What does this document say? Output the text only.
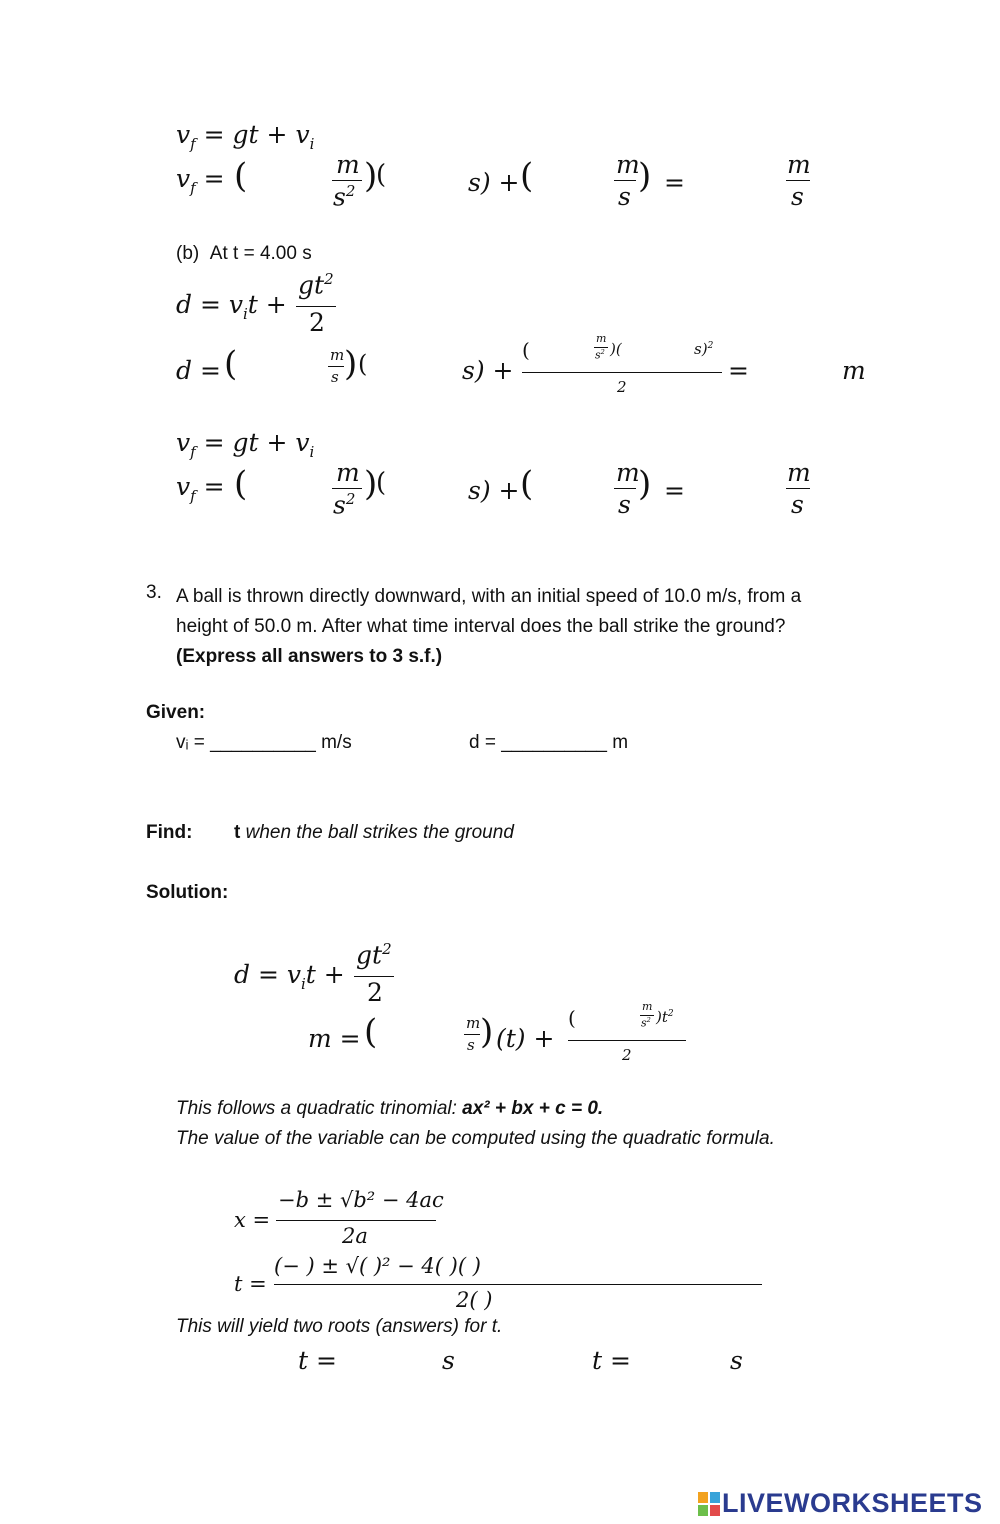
$v_f$ = gt + $v_i$
$v_f$ = (	m
$s^2$ )
(	s) + (	m
s
) =
m
s
(b) At t = 4.00 s
$d = v_it$ +
$gt^2$
2
d = (	m
s ) (	s) +
(	m
$s^2$ )(	s)$^2$
2
=	m
$v_f$ = gt + $v_i$
$v_f$ = (	m
$s^2$ )
(	s) + (	m
s
) =
m
s
3. A ball is thrown directly downward, with an initial speed of 10.0 m/s, from a
height of 50.0 m. After what time interval does the ball strike the ground?
(Express all answers to 3 s.f.)
Given:
vᵢ = __________ m/s	d = __________ m
Find: t when the ball strikes the ground
Solution:
$d = v_it$ +
$gt^2$
2
m = (	m
s ) (t) +
(	m
$s^2$ )$t^2$
2
This follows a quadratic trinomial: ax² + bx + c = 0.
The value of the variable can be computed using the quadratic formula.
x =
−b ± √b² − 4ac
2a
t =
(− ) ± √( )² − 4( )( )
2( )
This will yield two roots (answers) for t.
t =	s	t =	s
LIVEWORKSHEETS
